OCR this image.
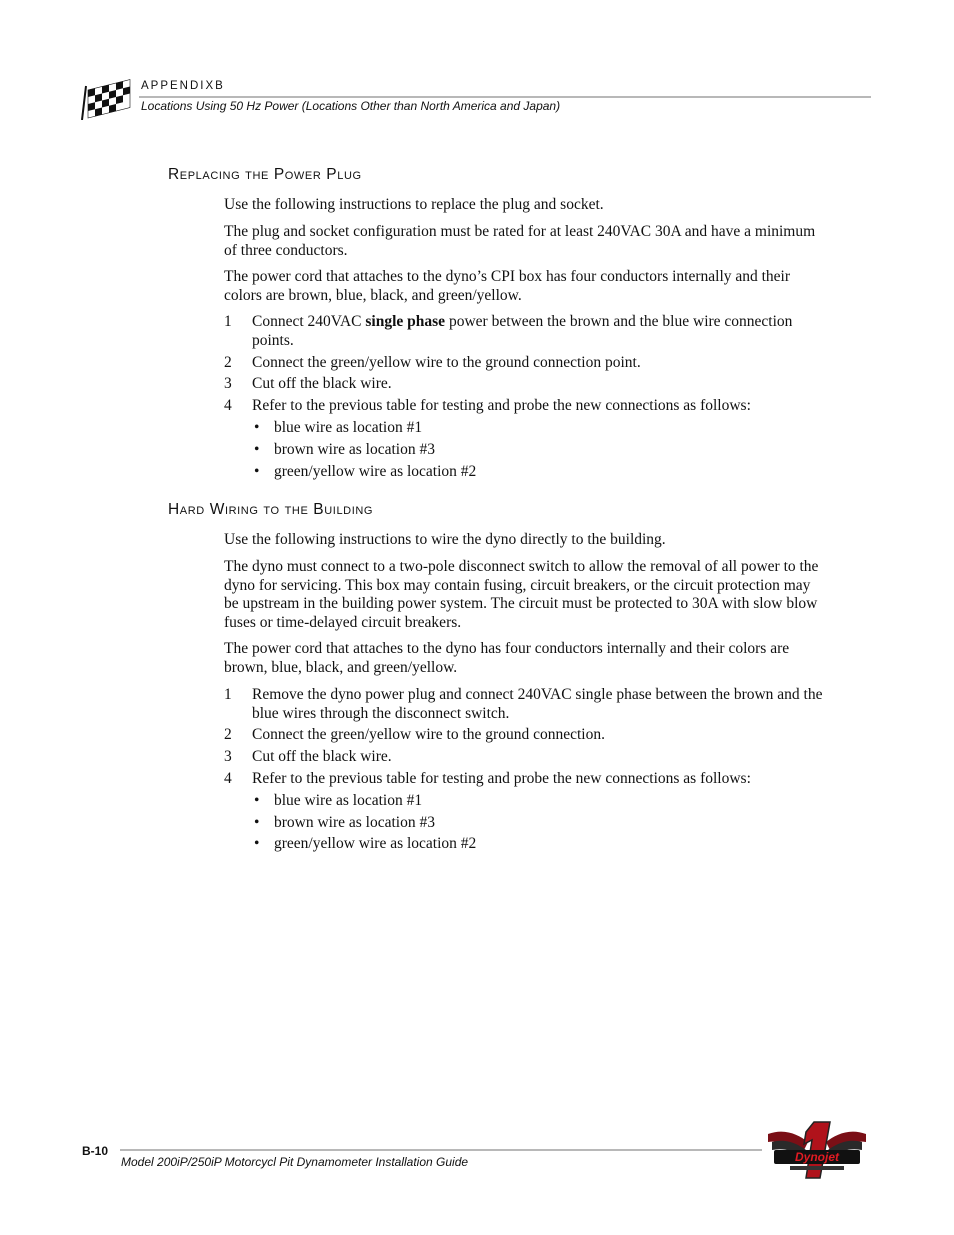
APPENDIXB
Locations Using 50 Hz Power (Locations Other than North America and Japan)
Replacing the Power Plug

Use the following instructions to replace the plug and socket.

The plug and socket configuration must be rated for at least 240VAC 30A and have a minimum of three conductors.

The power cord that attaches to the dyno’s CPI box has four conductors internally and their colors are brown, blue, black, and green/yellow.

1 Connect 240VAC single phase power between the brown and the blue wire connection points.
2 Connect the green/yellow wire to the ground connection point.
3 Cut off the black wire.
4 Refer to the previous table for testing and probe the new connections as follows:
• blue wire as location #1
• brown wire as location #3
• green/yellow wire as location #2
Hard Wiring to the Building

Use the following instructions to wire the dyno directly to the building.

The dyno must connect to a two-pole disconnect switch to allow the removal of all power to the dyno for servicing. This box may contain fusing, circuit breakers, or the circuit protection may be upstream in the building power system. The circuit must be protected to 30A with slow blow fuses or time-delayed circuit breakers.

The power cord that attaches to the dyno has four conductors internally and their colors are brown, blue, black, and green/yellow.

1 Remove the dyno power plug and connect 240VAC single phase between the brown and the blue wires through the disconnect switch.
2 Connect the green/yellow wire to the ground connection.
3 Cut off the black wire.
4 Refer to the previous table for testing and probe the new connections as follows:
• blue wire as location #1
• brown wire as location #3
• green/yellow wire as location #2
B-10
Model 200iP/250iP Motorcycl Pit Dynamometer Installation Guide	Dynojet
